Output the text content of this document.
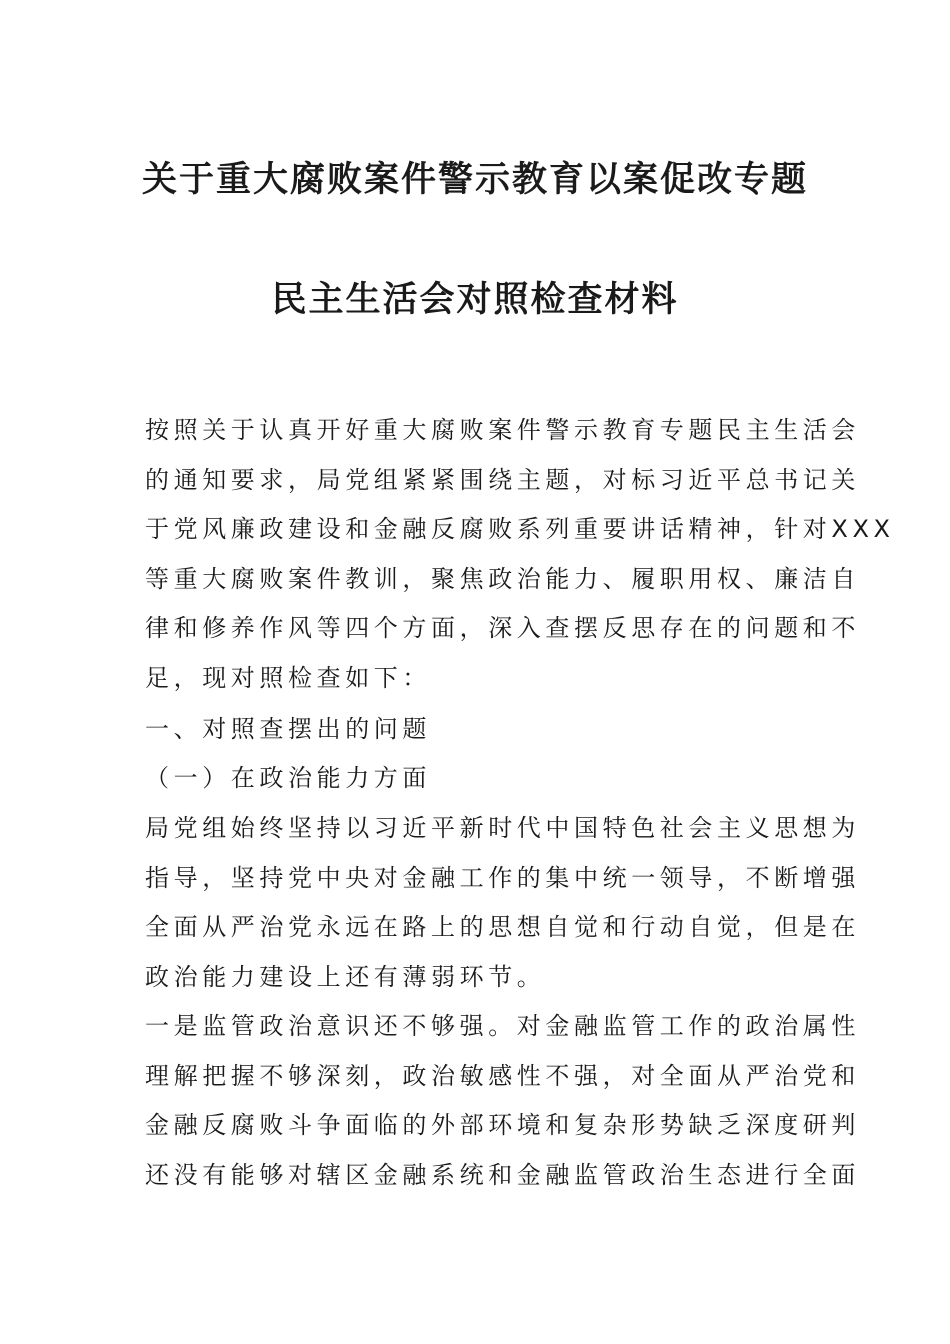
关于重大腐败案件警示教育以案促改专题
民主生活会对照检查材料
按照关于认真开好重大腐败案件警示教育专题民主生活会
的通知要求，局党组紧紧围绕主题，对标习近平总书记关
于党风廉政建设和金融反腐败系列重要讲话精神，针对XXX
等重大腐败案件教训，聚焦政治能力、履职用权、廉洁自
律和修养作风等四个方面，深入查摆反思存在的问题和不
足，现对照检查如下：
一、对照查摆出的问题
（一）在政治能力方面
局党组始终坚持以习近平新时代中国特色社会主义思想为
指导，坚持党中央对金融工作的集中统一领导，不断增强
全面从严治党永远在路上的思想自觉和行动自觉，但是在
政治能力建设上还有薄弱环节。
一是监管政治意识还不够强。对金融监管工作的政治属性
理解把握不够深刻，政治敏感性不强，对全面从严治党和
金融反腐败斗争面临的外部环境和复杂形势缺乏深度研判
还没有能够对辖区金融系统和金融监管政治生态进行全面
